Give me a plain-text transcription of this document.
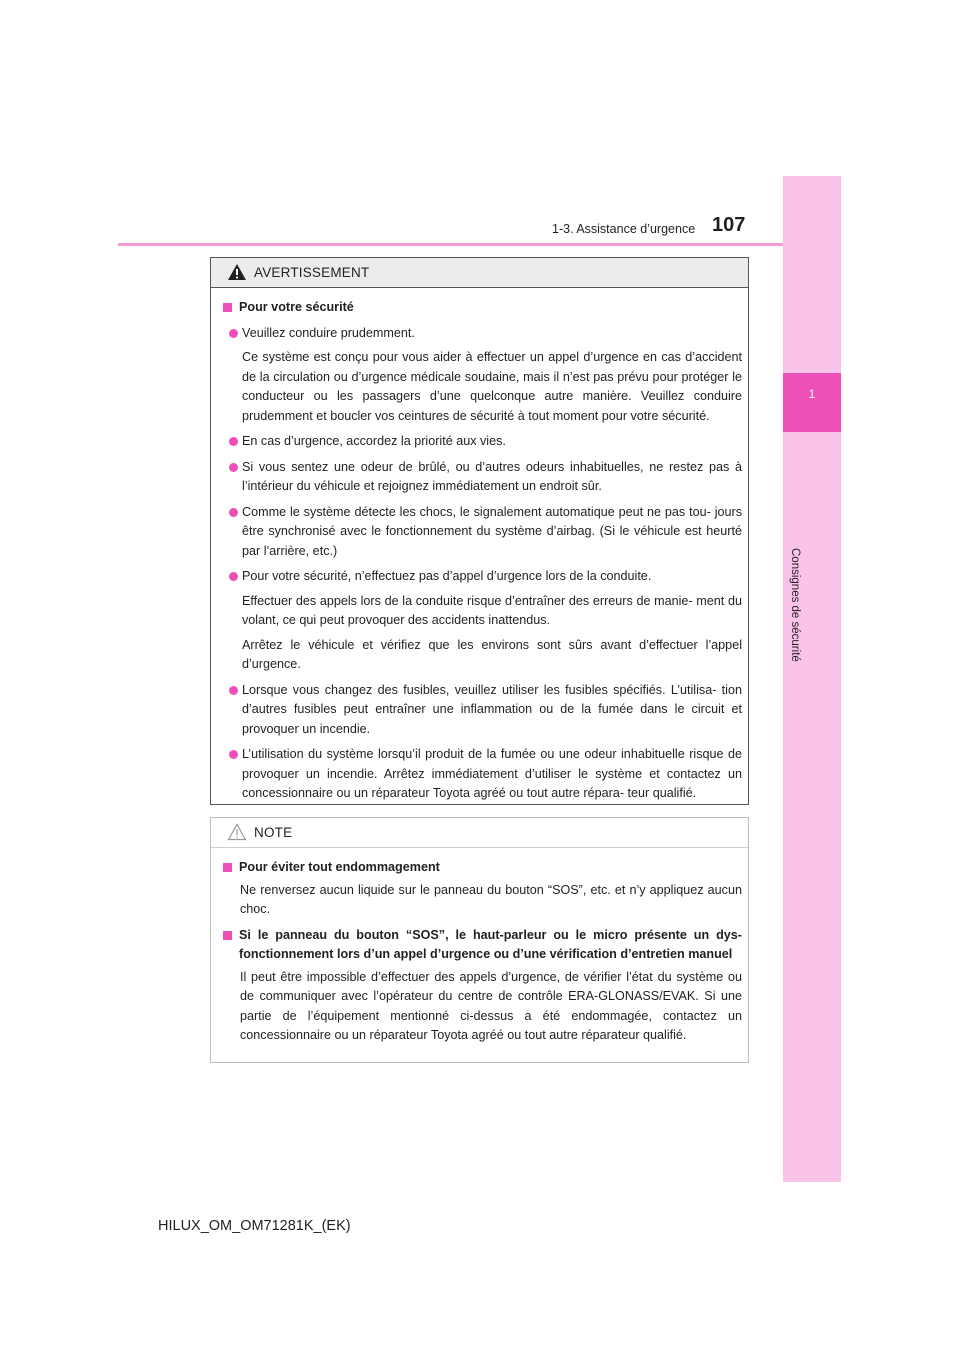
1
Consignes de sécurité
1-3. Assistance d’urgence 107
AVERTISSEMENT
Pour votre sécurité
Veuillez conduire prudemment.
Ce système est conçu pour vous aider à effectuer un appel d’urgence en cas d’accident de la circulation ou d’urgence médicale soudaine, mais il n’est pas prévu pour protéger le conducteur ou les passagers d’une quelconque autre manière. Veuillez conduire prudemment et boucler vos ceintures de sécurité à tout moment pour votre sécurité.
En cas d’urgence, accordez la priorité aux vies.
Si vous sentez une odeur de brûlé, ou d’autres odeurs inhabituelles, ne restez pas à l’intérieur du véhicule et rejoignez immédiatement un endroit sûr.
Comme le système détecte les chocs, le signalement automatique peut ne pas tou- jours être synchronisé avec le fonctionnement du système d’airbag. (Si le véhicule est heurté par l’arrière, etc.)
Pour votre sécurité, n’effectuez pas d’appel d’urgence lors de la conduite.
Effectuer des appels lors de la conduite risque d’entraîner des erreurs de manie- ment du volant, ce qui peut provoquer des accidents inattendus.
Arrêtez le véhicule et vérifiez que les environs sont sûrs avant d’effectuer l’appel d’urgence.
Lorsque vous changez des fusibles, veuillez utiliser les fusibles spécifiés. L’utilisa- tion d’autres fusibles peut entraîner une inflammation ou de la fumée dans le circuit et provoquer un incendie.
L’utilisation du système lorsqu’il produit de la fumée ou une odeur inhabituelle risque de provoquer un incendie. Arrêtez immédiatement d’utiliser le système et contactez un concessionnaire ou un réparateur Toyota agréé ou tout autre répara- teur qualifié.
NOTE
Pour éviter tout endommagement
Ne renversez aucun liquide sur le panneau du bouton “SOS”, etc. et n’y appliquez aucun choc.
Si le panneau du bouton “SOS”, le haut-parleur ou le micro présente un dys- fonctionnement lors d’un appel d’urgence ou d’une vérification d’entretien manuel
Il peut être impossible d’effectuer des appels d’urgence, de vérifier l’état du système ou de communiquer avec l’opérateur du centre de contrôle ERA-GLONASS/EVAK. Si une partie de l’équipement mentionné ci-dessus a été endommagée, contactez un concessionnaire ou un réparateur Toyota agréé ou tout autre réparateur qualifié.
HILUX_OM_OM71281K_(EK)
